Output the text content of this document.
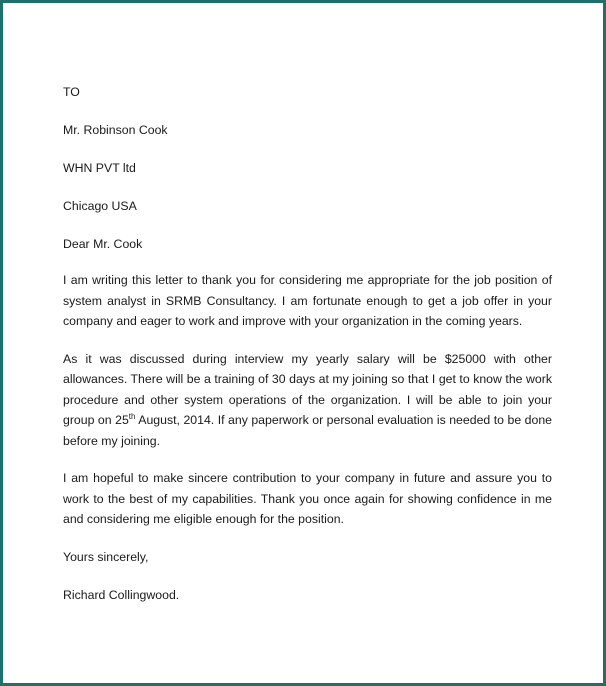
TO
Mr. Robinson Cook
WHN PVT ltd
Chicago USA
Dear Mr. Cook

I am writing this letter to thank you for considering me appropriate for the job position of system analyst in SRMB Consultancy. I am fortunate enough to get a job offer in your company and eager to work and improve with your organization in the coming years.

As it was discussed during interview my yearly salary will be $25000 with other allowances. There will be a training of 30 days at my joining so that I get to know the work procedure and other system operations of the organization. I will be able to join your group on 25th August, 2014. If any paperwork or personal evaluation is needed to be done before my joining.

I am hopeful to make sincere contribution to your company in future and assure you to work to the best of my capabilities. Thank you once again for showing confidence in me and considering me eligible enough for the position.

Yours sincerely,
Richard Collingwood.
